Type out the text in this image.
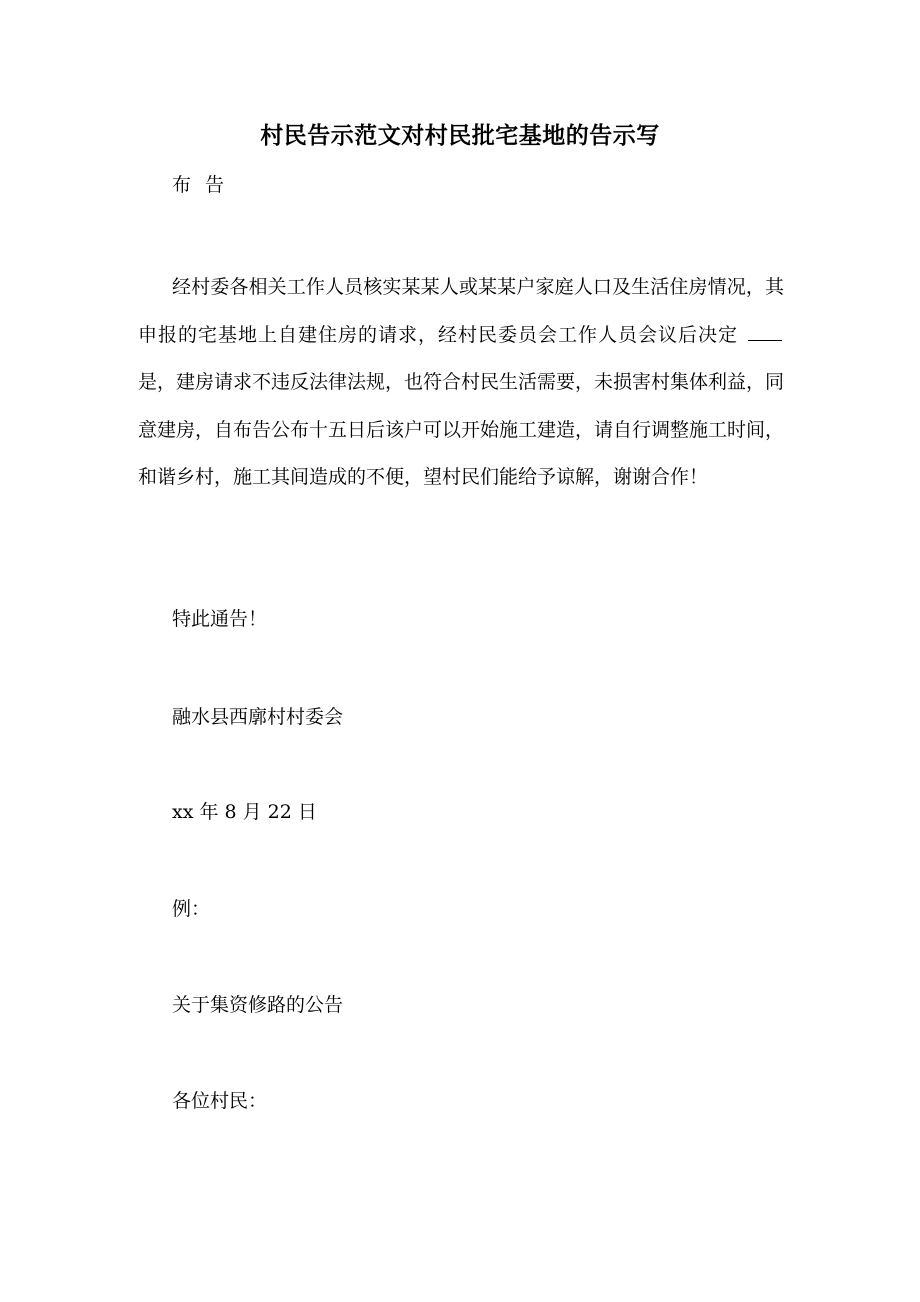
村民告示范文对村民批宅基地的告示写
布告
经村委各相关工作人员核实某某人或某某户家庭人口及生活住房情况，其申报的宅基地上自建住房的请求，经村民委员会工作人员会议后决定是，建房请求不违反法律法规，也符合村民生活需要，未损害村集体利益，同意建房，自布告公布十五日后该户可以开始施工建造，请自行调整施工时间，和谐乡村，施工其间造成的不便，望村民们能给予谅解，谢谢合作！
特此通告！
融水县西廓村村委会
xx 年 8 月 22 日
例：
关于集资修路的公告
各位村民：
